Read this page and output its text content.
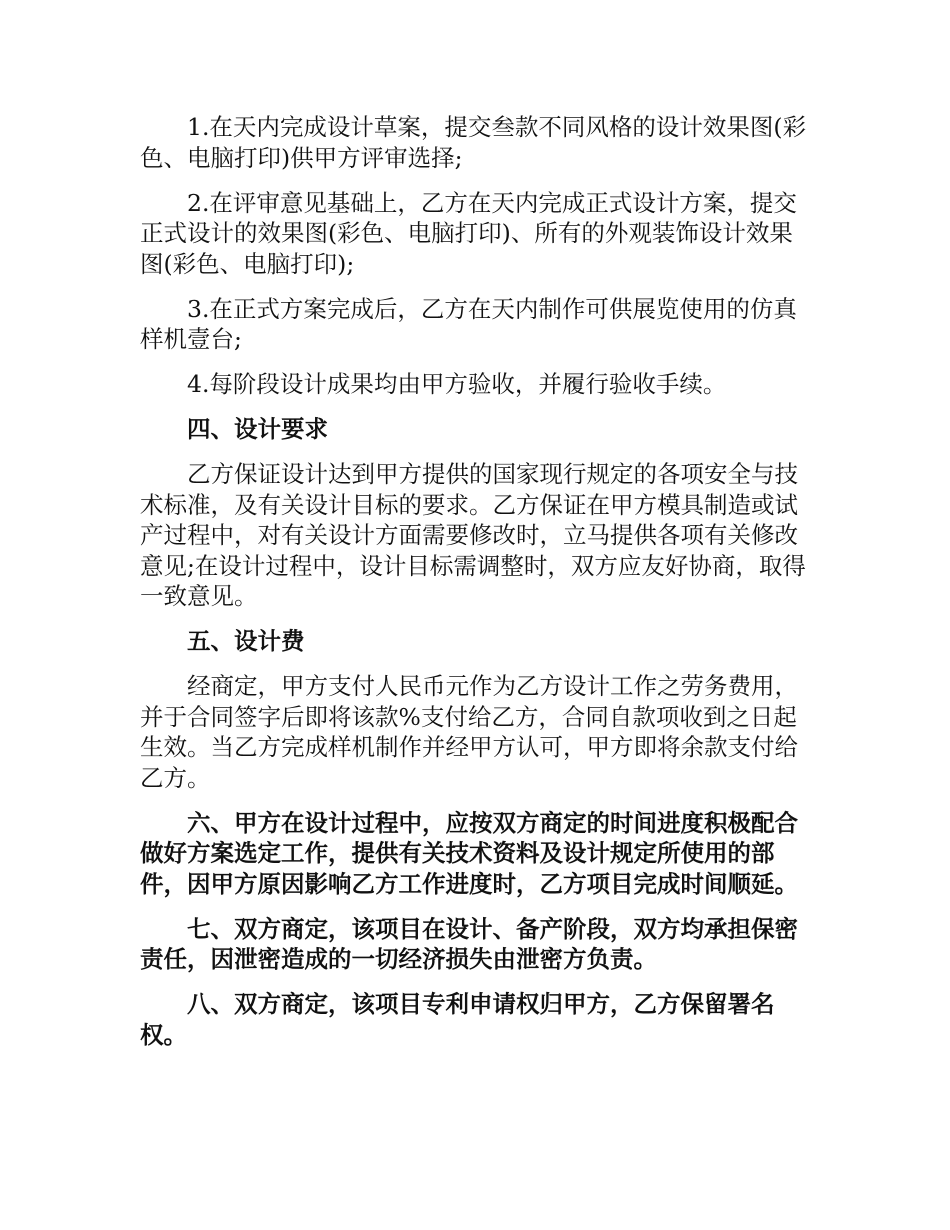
1.在天内完成设计草案，提交叁款不同风格的设计效果图(彩色、电脑打印)供甲方评审选择;

2.在评审意见基础上，乙方在天内完成正式设计方案，提交正式设计的效果图(彩色、电脑打印)、所有的外观装饰设计效果图(彩色、电脑打印);

3.在正式方案完成后，乙方在天内制作可供展览使用的仿真样机壹台;

4.每阶段设计成果均由甲方验收，并履行验收手续。

四、设计要求

乙方保证设计达到甲方提供的国家现行规定的各项安全与技术标准，及有关设计目标的要求。乙方保证在甲方模具制造或试产过程中，对有关设计方面需要修改时，立马提供各项有关修改意见;在设计过程中，设计目标需调整时，双方应友好协商，取得一致意见。

五、设计费

经商定，甲方支付人民币元作为乙方设计工作之劳务费用，并于合同签字后即将该款%支付给乙方，合同自款项收到之日起生效。当乙方完成样机制作并经甲方认可，甲方即将余款支付给乙方。

六、甲方在设计过程中，应按双方商定的时间进度积极配合做好方案选定工作，提供有关技术资料及设计规定所使用的部件，因甲方原因影响乙方工作进度时，乙方项目完成时间顺延。

七、双方商定，该项目在设计、备产阶段，双方均承担保密责任，因泄密造成的一切经济损失由泄密方负责。

八、双方商定，该项目专利申请权归甲方，乙方保留署名权。
